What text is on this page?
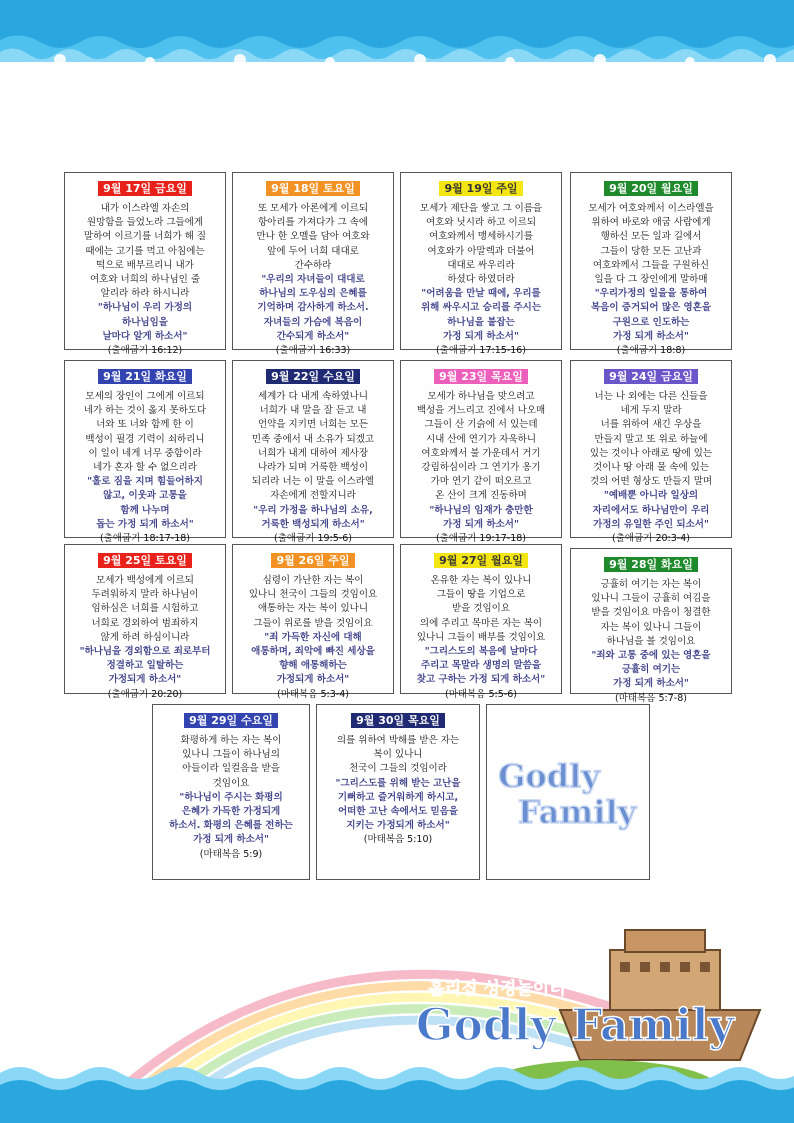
9월 17일 금요일
내가 이스라엘 자손의
원망함을 들었노라 그들에게
말하여 이르기를 너희가 해 질
때에는 고기를 먹고 아침에는
떡으로 배부르리니 내가
여호와 너희의 하나님인 줄
알리라 하라 하시니라
"하나님이 우리 가정의
하나님임을
날마다 알게 하소서"
(출애굽기 16:12)
9월 18일 토요일
또 모세가 아론에게 이르되
항아리를 가져다가 그 속에
만나 한 오멜을 담아 여호와
앞에 두어 너희 대대로
간수하라
"우리의 자녀들이 대대로
하나님의 도우심의 은혜를
기억하며 감사하게 하소서.
자녀들의 가슴에 복음이
간수되게 하소서"
(출애굽기 16:33)
9월 19일 주일
모세가 제단을 쌓고 그 이름을
여호와 닛시라 하고 이르되
여호와께서 맹세하시기를
여호와가 아말렉과 더불어
대대로 싸우리라
하셨다 하였더라
"어려움을 만날 때에, 우리를
위해 싸우시고 승리를 주시는
하나님을 붙잡는
가정 되게 하소서"
(출애굽기 17:15-16)
9월 20일 월요일
모세가 여호와께서 이스라엘을
위하여 바로와 애굽 사람에게
행하신 모든 일과 길에서
그들이 당한 모든 고난과
여호와께서 그들을 구원하신
일을 다 그 장인에게 말하매
"우리가정의 일을을 통하여
복음이 증거되어 많은 영혼을
구원으로 인도하는
가정 되게 하소서"
(출애굽기 18:8)
9월 21일 화요일
모세의 장인이 그에게 이르되
네가 하는 것이 옳지 못하도다
너와 또 너와 함께 한 이
백성이 필경 기력이 쇠하리니
이 일이 네게 너무 중함이라
네가 혼자 할 수 없으리라
"홀로 짐을 지며 힘들어하지
않고, 이웃과 고통을
함께 나누며
돕는 가정 되게 하소서"
(출애굽기 18:17-18)
9월 22일 수요일
세계가 다 내게 속하였나니
너희가 내 말을 잘 듣고 내
언약을 지키면 너희는 모든
민족 중에서 내 소유가 되겠고
너희가 내게 대하여 제사장
나라가 되며 거룩한 백성이
되리라 너는 이 말을 이스라엘
자손에게 전할지니라
"우리 가정을 하나님의 소유,
거룩한 백성되게 하소서"
(출애굽기 19:5-6)
9월 23일 목요일
모세가 하나님을 맞으려고
백성을 거느리고 진에서 나오매
그들이 산 기슭에 서 있는데
시내 산에 연기가 자욱하니
여호와께서 불 가운데서 거기
강림하심이라 그 연기가 옹기
가마 연기 같이 떠오르고
온 산이 크게 진동하며
"하나님의 임재가 충만한
가정 되게 하소서"
(출애굽기 19:17-18)
9월 24일 금요일
너는 나 외에는 다른 신들을
네게 두지 말라
너를 위하여 새긴 우상을
만들지 말고 또 위로 하늘에
있는 것이나 아래로 땅에 있는
것이나 땅 아래 물 속에 있는
것의 어떤 형상도 만들지 말며
"예배뿐 아니라 일상의
자리에서도 하나님만이 우리
가정의 유일한 주인 되소서"
(출애굽기 20:3-4)
9월 25일 토요일
모세가 백성에게 이르되
두려워하지 말라 하나님이
임하심은 너희를 시험하고
너희로 경외하여 범죄하지
않게 하려 하심이니라
"하나님을 경외함으로 죄로부터
정결하고 일탈하는
가정되게 하소서"
(출애굽기 20:20)
9월 26일 주일
심령이 가난한 자는 복이
있나니 천국이 그들의 것임이요
애통하는 자는 복이 있나니
그들이 위로를 받을 것임이요
"죄 가득한 자신에 대해
애통하며, 죄악에 빠진 세상을
향해 애통해하는
가정되게 하소서"
(마태복음 5:3-4)
9월 27일 월요일
온유한 자는 복이 있나니
그들이 땅을 기업으로
받을 것임이요
의에 주리고 목마른 자는 복이
있나니 그들이 배부를 것임이요
"그리스도의 복음에 날마다
주리고 목말라 생명의 말씀을
찾고 구하는 가정 되게 하소서"
(마태복음 5:5-6)
9월 28일 화요일
긍휼히 여기는 자는 복이
있나니 그들이 긍휼히 여김을
받을 것임이요 마음이 청결한
자는 복이 있나니 그들이
하나님을 볼 것임이요
"죄와 고통 중에 있는 영혼을
긍휼히 여기는
가정 되게 하소서"
(마태복음 5:7-8)
9월 29일 수요일
화평하게 하는 자는 복이
있나니 그들이 하나님의
아들이라 일컬음을 받을
것임이요
"하나님이 주시는 화평의
은혜가 가득한 가정되게
하소서. 화평의 은혜를 전하는
가정 되게 하소서"
(마태복음 5:9)
9월 30일 목요일
의를 위하여 박해를 받은 자는
복이 있나니
천국이 그들의 것임이라
"그리스도를 위해 받는 고난을
기뻐하고 즐거워하게 하시고,
어떠한 고난 속에서도 믿음을
지키는 가정되게 하소서"
(마태복음 5:10)
Godly
Family
홀리집 성경놀이터
Godly Family
